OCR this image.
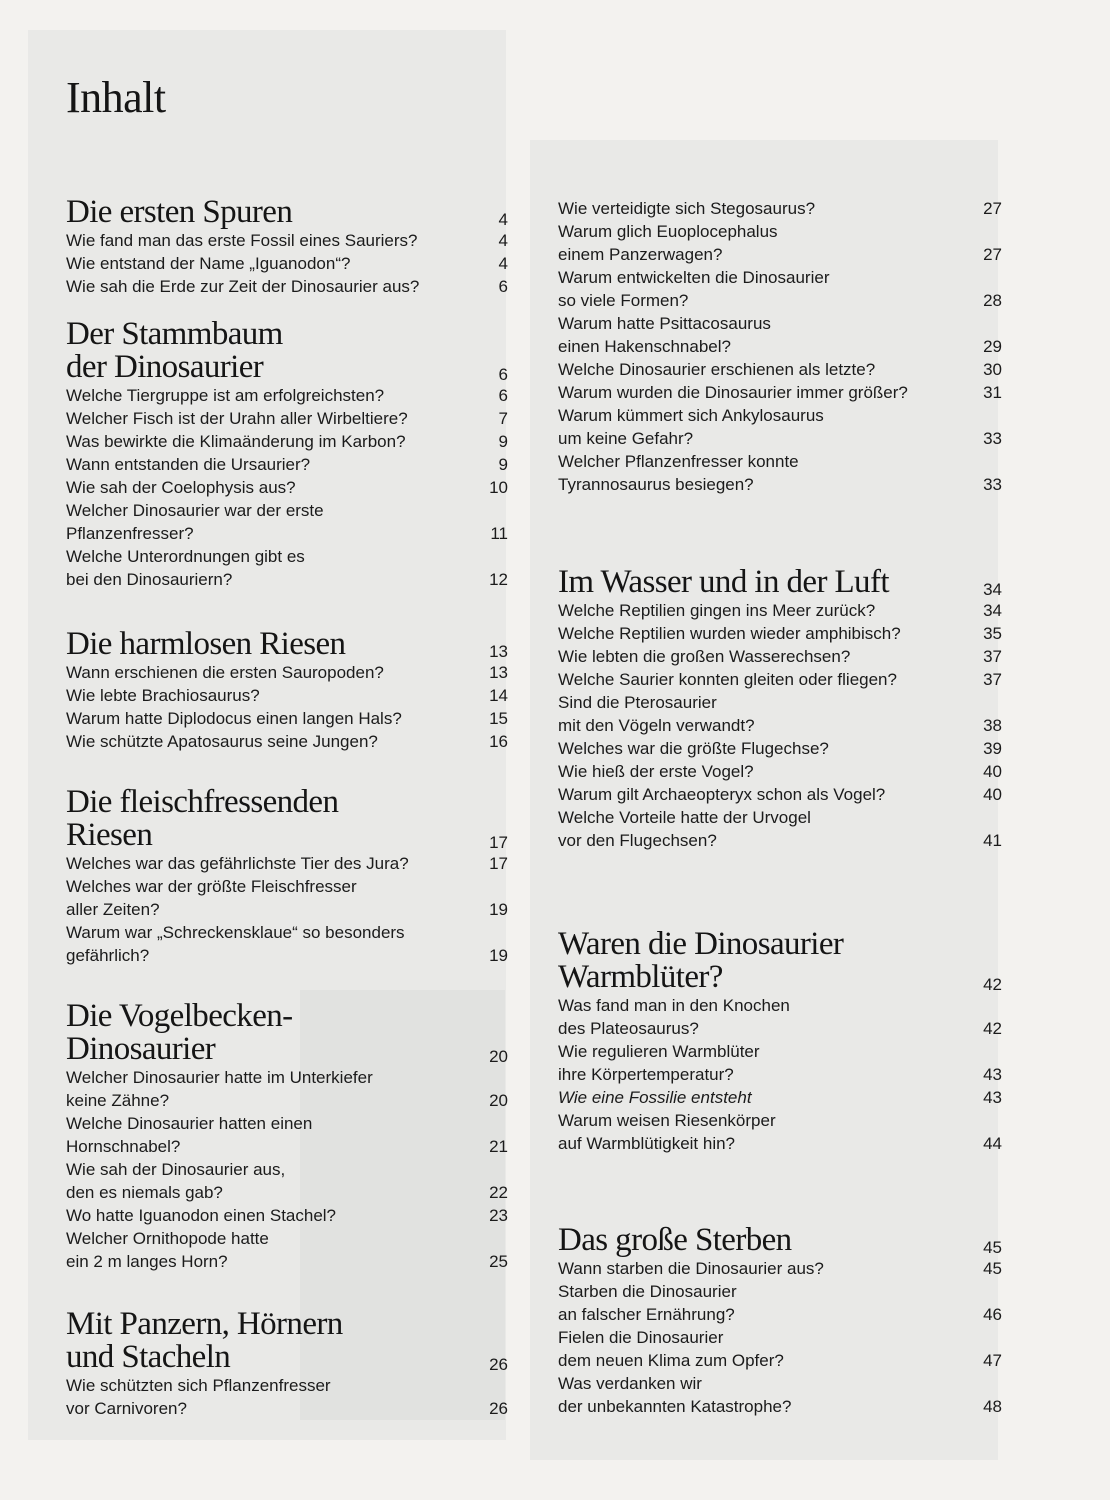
Inhalt
Die ersten Spuren	4
Wie fand man das erste Fossil eines Sauriers?	4
Wie entstand der Name „Iguanodon“?	4
Wie sah die Erde zur Zeit der Dinosaurier aus?	6
Der Stammbaum
der Dinosaurier	6
Welche Tiergruppe ist am erfolgreichsten?	6
Welcher Fisch ist der Urahn aller Wirbeltiere?	7
Was bewirkte die Klimaänderung im Karbon?	9
Wann entstanden die Ursaurier?	9
Wie sah der Coelophysis aus?	10
Welcher Dinosaurier war der erste
Pflanzenfresser?	11
Welche Unterordnungen gibt es
bei den Dinosauriern?	12
Die harmlosen Riesen	13
Wann erschienen die ersten Sauropoden?	13
Wie lebte Brachiosaurus?	14
Warum hatte Diplodocus einen langen Hals?	15
Wie schützte Apatosaurus seine Jungen?	16
Die fleischfressenden
Riesen	17
Welches war das gefährlichste Tier des Jura?	17
Welches war der größte Fleischfresser
aller Zeiten?	19
Warum war „Schreckensklaue“ so besonders
gefährlich?	19
Die Vogelbecken-
Dinosaurier	20
Welcher Dinosaurier hatte im Unterkiefer
keine Zähne?	20
Welche Dinosaurier hatten einen
Hornschnabel?	21
Wie sah der Dinosaurier aus,
den es niemals gab?	22
Wo hatte Iguanodon einen Stachel?	23
Welcher Ornithopode hatte
ein 2 m langes Horn?	25
Mit Panzern, Hörnern
und Stacheln	26
Wie schützten sich Pflanzenfresser
vor Carnivoren?	26
Wie verteidigte sich Stegosaurus?	27
Warum glich Euoplocephalus
einem Panzerwagen?	27
Warum entwickelten die Dinosaurier
so viele Formen?	28
Warum hatte Psittacosaurus
einen Hakenschnabel?	29
Welche Dinosaurier erschienen als letzte?	30
Warum wurden die Dinosaurier immer größer?	31
Warum kümmert sich Ankylosaurus
um keine Gefahr?	33
Welcher Pflanzenfresser konnte
Tyrannosaurus besiegen?	33
Im Wasser und in der Luft	34
Welche Reptilien gingen ins Meer zurück?	34
Welche Reptilien wurden wieder amphibisch?	35
Wie lebten die großen Wasserechsen?	37
Welche Saurier konnten gleiten oder fliegen?	37
Sind die Pterosaurier
mit den Vögeln verwandt?	38
Welches war die größte Flugechse?	39
Wie hieß der erste Vogel?	40
Warum gilt Archaeopteryx schon als Vogel?	40
Welche Vorteile hatte der Urvogel
vor den Flugechsen?	41
Waren die Dinosaurier
Warmblüter?	42
Was fand man in den Knochen
des Plateosaurus?	42
Wie regulieren Warmblüter
ihre Körpertemperatur?	43
Wie eine Fossilie entsteht	43
Warum weisen Riesenkörper
auf Warmblütigkeit hin?	44
Das große Sterben	45
Wann starben die Dinosaurier aus?	45
Starben die Dinosaurier
an falscher Ernährung?	46
Fielen die Dinosaurier
dem neuen Klima zum Opfer?	47
Was verdanken wir
der unbekannten Katastrophe?	48
